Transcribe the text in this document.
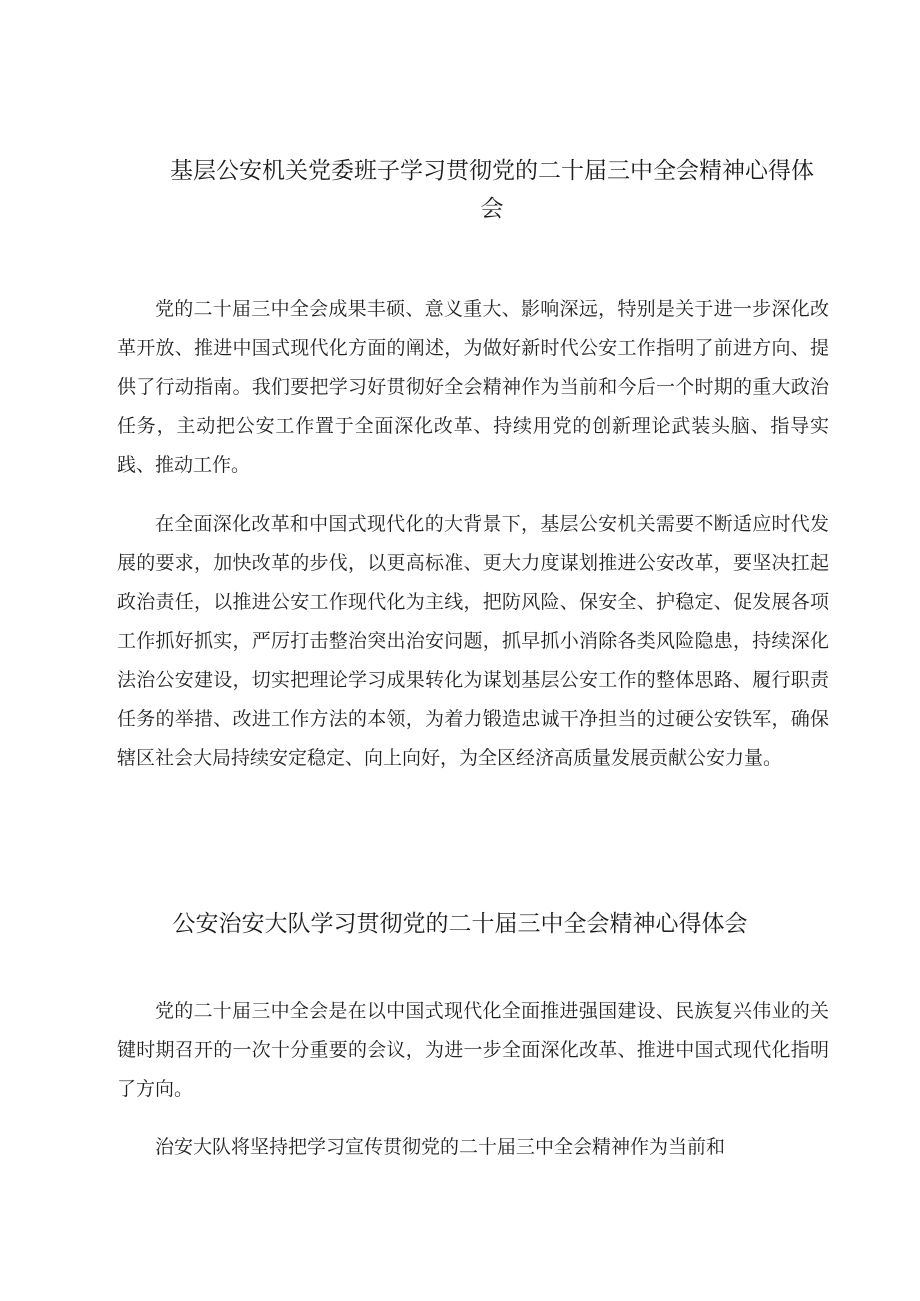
基层公安机关党委班子学习贯彻党的二十届三中全会精神心得体会

党的二十届三中全会成果丰硕、意义重大、影响深远，特别是关于进一步深化改革开放、推进中国式现代化方面的阐述，为做好新时代公安工作指明了前进方向、提供了行动指南。我们要把学习好贯彻好全会精神作为当前和今后一个时期的重大政治任务，主动把公安工作置于全面深化改革、持续用党的创新理论武装头脑、指导实践、推动工作。

在全面深化改革和中国式现代化的大背景下，基层公安机关需要不断适应时代发展的要求，加快改革的步伐，以更高标准、更大力度谋划推进公安改革，要坚决扛起政治责任，以推进公安工作现代化为主线，把防风险、保安全、护稳定、促发展各项工作抓好抓实，严厉打击整治突出治安问题，抓早抓小消除各类风险隐患，持续深化法治公安建设，切实把理论学习成果转化为谋划基层公安工作的整体思路、履行职责任务的举措、改进工作方法的本领，为着力锻造忠诚干净担当的过硬公安铁军，确保辖区社会大局持续安定稳定、向上向好，为全区经济高质量发展贡献公安力量。

公安治安大队学习贯彻党的二十届三中全会精神心得体会

党的二十届三中全会是在以中国式现代化全面推进强国建设、民族复兴伟业的关键时期召开的一次十分重要的会议，为进一步全面深化改革、推进中国式现代化指明了方向。

治安大队将坚持把学习宣传贯彻党的二十届三中全会精神作为当前和
